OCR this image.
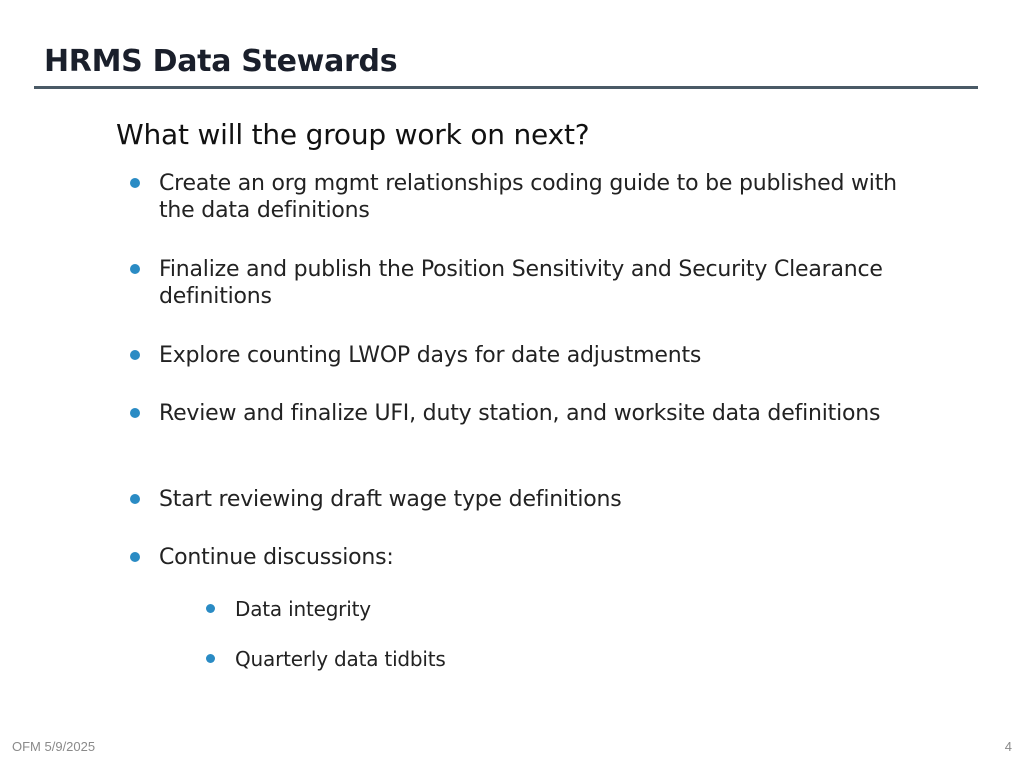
HRMS Data Stewards
What will the group work on next?
Create an org mgmt relationships coding guide to be published with the data definitions
Finalize and publish the Position Sensitivity and Security Clearance definitions
Explore counting LWOP days for date adjustments
Review and finalize UFI, duty station, and worksite data definitions
Start reviewing draft wage type definitions
Continue discussions:
Data integrity
Quarterly data tidbits
OFM 5/9/2025	4
